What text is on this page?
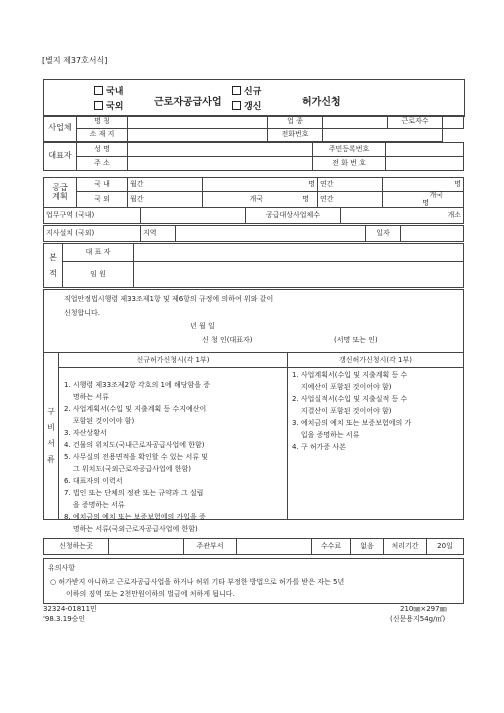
[별지 제37호서식]
국내
국외	근로자공급사업
신규
갱신	허가신청
사업체	명 칭		업 종		근로자수	
	소 재 지		전화번호			
대표자	성 명		주민등록번호	
	주 소		전 화 번 호	
공급
계획	국 내	월간	명	연간	명
	국 외	월간	개국 명	연간	개국명
업무구역 (국내)		공급대상사업체수	개소
지사설치 (국외)	지역		일자	
본

적	대 표 자	
	임 원	
직업안정법시행령 제33조제1항 및 제6항의 규정에 의하여 위와 같이
신청합니다.
년 월 일
신 청 인(대표자)	(서명 또는 인)
구

비

서

류
신규허가신청시(각 1부)	갱신허가신청시(각 1부)
1. 시행령 제33조제2항 각호의 1에 해당함을 증
명하는 서류
2. 사업계획서(수입 및 지출계획 등 수지예산이
포함된 것이어야 함)
3. 자산상황서
4. 건물의 위치도(국내근로자공급사업에 한함)
5. 사무실의 전용면적을 확인할 수 있는 서류 및
그 위치도(국외근로자공급사업에 한함)
6. 대표자의 이력서
7. 법인 또는 단체의 정관 또는 규약과 그 설립
을 증명하는 서류
8. 예치금의 예치 또는 보증보험에의 가입을 증
명하는 서류(국외근로자공급사업에 한함)
1. 사업계획서(수입 및 지출계획 등 수
지예산이 포함된 것이어야 함)
2. 사업실적서(수입 및 지출실적 등 수
지결산이 포함된 것이어야 함)
3. 예치금의 예치 또는 보증보험에의 가
입을 증명하는 서류
4. 구 허가증 사본
신청하는곳		주관부서		수수료	없음	처리기간	20일
유의사항
○ 허가받지 아니하고 근로자공급사업을 하거나 허위 기타 부정한 방법으로 허가를 받은 자는 5년
이하의 징역 또는 2천만원이하의 벌금에 처하게 됩니다.
32324-01811민
'98.3.19승인
210㎜×297㎜
(신문용지54g/㎡)
